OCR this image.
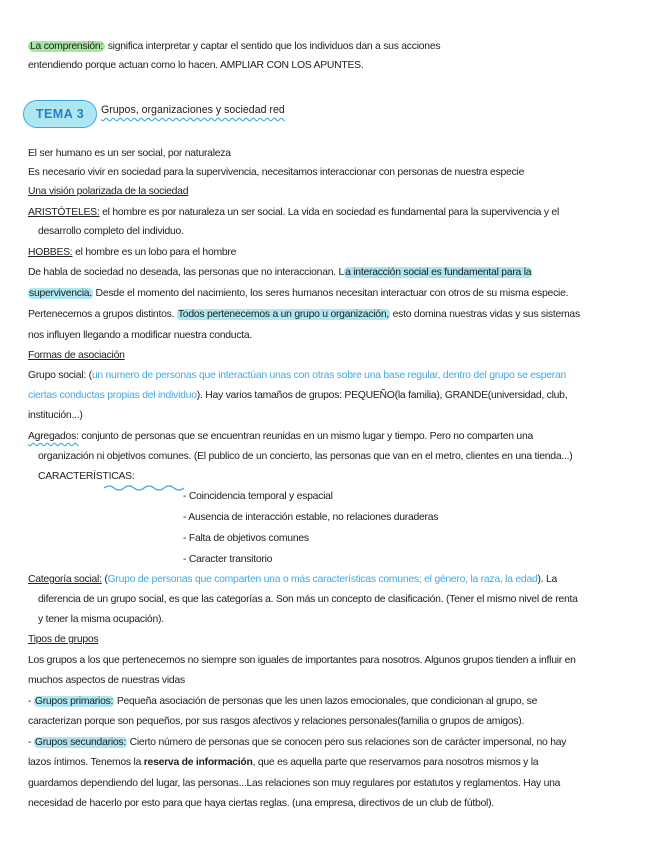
La comprensión: significa interpretar y captar el sentido que los individuos dan a sus acciones
entendiendo porque actuan como lo hacen. AMPLIAR CON LOS APUNTES.
TEMA 3	Grupos, organizaciones y sociedad red
El ser humano es un ser social, por naturaleza
Es necesario vivir en sociedad para la supervivencia, necesitamos interaccionar con personas de nuestra especie
Una visión polarizada de la sociedad
ARISTÓTELES: el hombre es por naturaleza un ser social. La vida en sociedad es fundamental para la supervivencia y el
desarrollo completo del individuo.
HOBBES: el hombre es un lobo para el hombre
De habla de sociedad no deseada, las personas que no interaccionan. La interacción social es fundamental para la
supervivencia. Desde el momento del nacimiento, los seres humanos necesitan interactuar con otros de su misma especie.
Pertenecemos a grupos distintos. Todos pertenecemos a un grupo u organización, esto domina nuestras vidas y sus sistemas
nos influyen llegando a modificar nuestra conducta.
Formas de asociación
Grupo social: (un numero de personas que interactúan unas con otras sobre una base regular, dentro del grupo se esperan
ciertas conductas propias del individuo). Hay varios tamaños de grupos: PEQUEÑO(la familia), GRANDE(universidad, club,
institución...)
Agregados: conjunto de personas que se encuentran reunidas en un mismo lugar y tiempo. Pero no comparten una
organización ni objetivos comunes. (El publico de un concierto, las personas que van en el metro, clientes en una tienda...)
CARACTERÍSTICAS:
- Coincidencia temporal y espacial
- Ausencia de interacción estable, no relaciones duraderas
- Falta de objetivos comunes
- Caracter transitorio
Categoría social: (Grupo de personas que comparten una o más características comunes; el género, la raza, la edad). La
diferencia de un grupo social, es que las categorías a. Son más un concepto de clasificación. (Tener el mismo nivel de renta
y tener la misma ocupación).
Tipos de grupos
Los grupos a los que pertenecemos no siempre son iguales de importantes para nosotros. Algunos grupos tienden a influir en
muchos aspectos de nuestras vidas
- Grupos primarios: Pequeña asociación de personas que les unen lazos emocionales, que condicionan al grupo, se
caracterizan porque son pequeños, por sus rasgos afectivos y relaciones personales(familia o grupos de amigos).
- Grupos secundarios: Cierto número de personas que se conocen pero sus relaciones son de carácter impersonal, no hay
lazos íntimos. Tenemos la reserva de información, que es aquella parte que reservamos para nosotros mismos y la
guardamos dependiendo del lugar, las personas...Las relaciones son muy regulares por estatutos y reglamentos. Hay una
necesidad de hacerlo por esto para que haya ciertas reglas. (una empresa, directivos de un club de fútbol).
